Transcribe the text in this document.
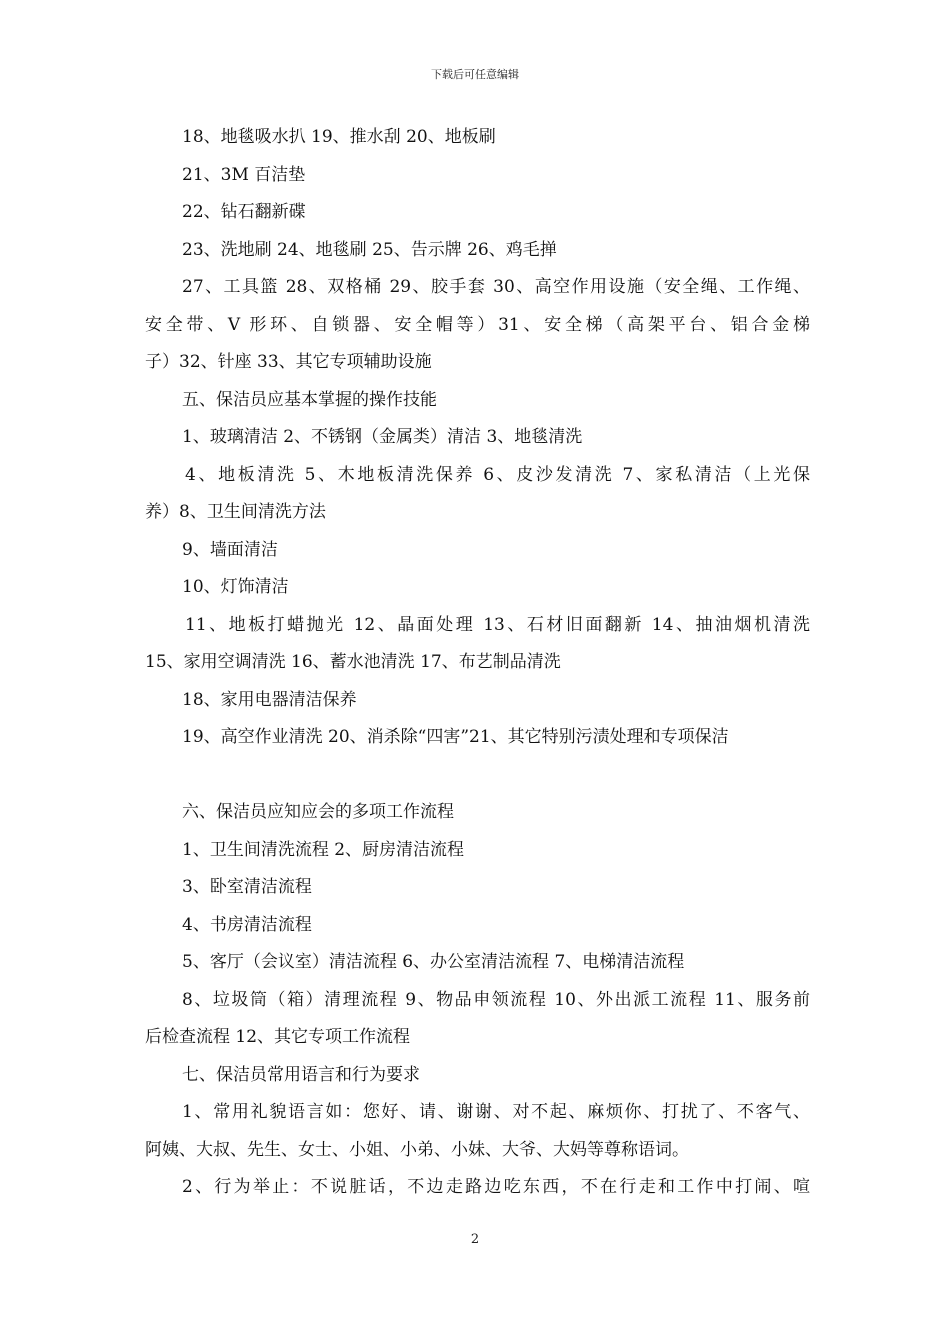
下载后可任意编辑
18、地毯吸水扒 19、推水刮 20、地板刷
21、3M 百洁垫
22、钻石翻新碟
23、洗地刷 24、地毯刷 25、告示牌 26、鸡毛掸
27、工具篮 28、双格桶 29、胶手套 30、高空作用设施（安全绳、工作绳、
安全带、V 形环、自锁器、安全帽等）31、安全梯（高架平台、铝合金梯
子）32、针座 33、其它专项辅助设施
五、保洁员应基本掌握的操作技能
1、玻璃清洁 2、不锈钢（金属类）清洁 3、地毯清洗
4、地板清洗 5、木地板清洗保养 6、皮沙发清洗 7、家私清洁（上光保
养）8、卫生间清洗方法
9、墙面清洁
10、灯饰清洁
11、地板打蜡抛光 12、晶面处理 13、石材旧面翻新 14、抽油烟机清洗
15、家用空调清洗 16、蓄水池清洗 17、布艺制品清洗
18、家用电器清洁保养
19、高空作业清洗 20、消杀除“四害”21、其它特别污渍处理和专项保洁
六、保洁员应知应会的多项工作流程
1、卫生间清洗流程 2、厨房清洁流程
3、卧室清洁流程
4、书房清洁流程
5、客厅（会议室）清洁流程 6、办公室清洁流程 7、电梯清洁流程
8、垃圾筒（箱）清理流程 9、物品申领流程 10、外出派工流程 11、服务前
后检查流程 12、其它专项工作流程
七、保洁员常用语言和行为要求
1、常用礼貌语言如：您好、请、谢谢、对不起、麻烦你、打扰了、不客气、
阿姨、大叔、先生、女士、小姐、小弟、小妹、大爷、大妈等尊称语词。
2、行为举止：不说脏话，不边走路边吃东西，不在行走和工作中打闹、喧
2
